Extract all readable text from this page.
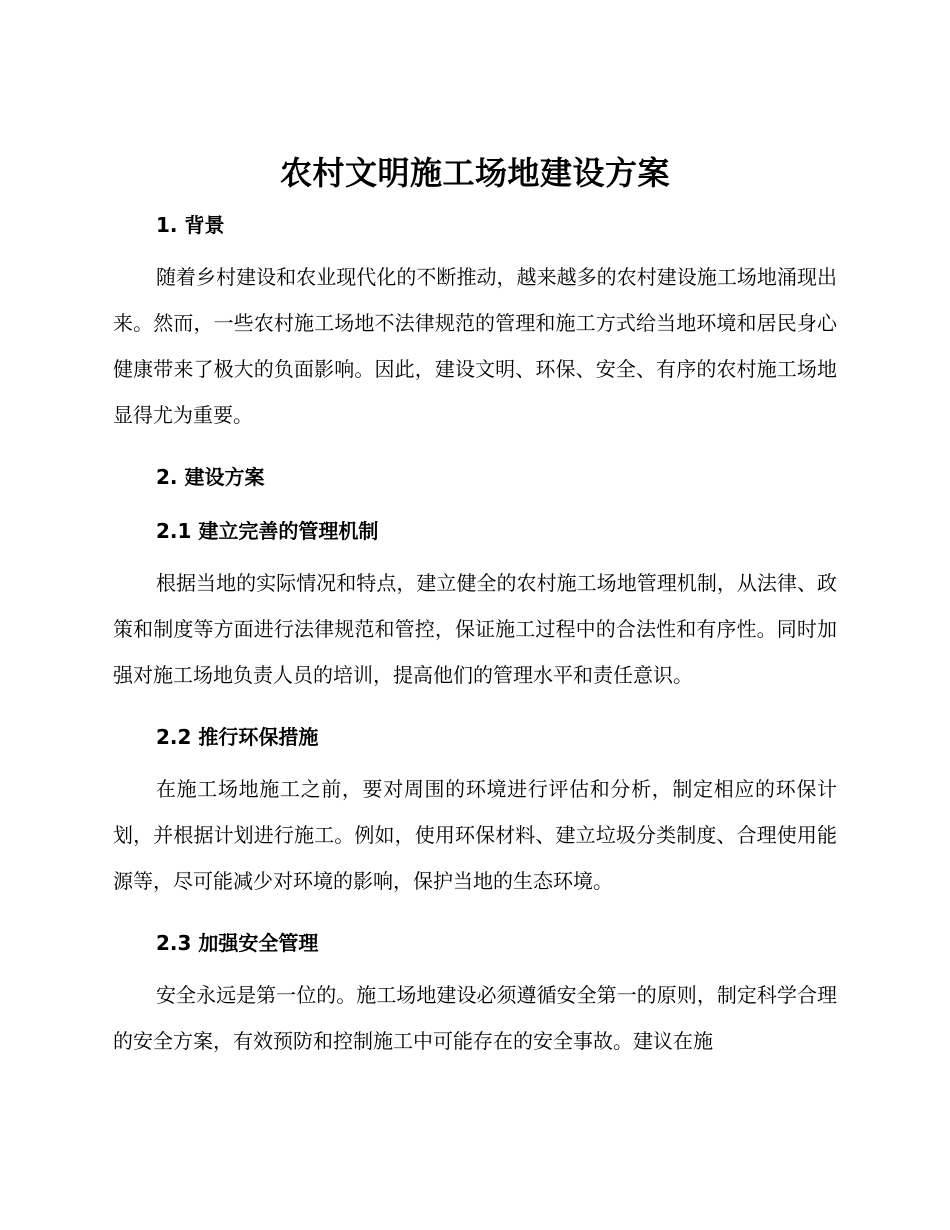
农村文明施工场地建设方案
1. 背景

随着乡村建设和农业现代化的不断推动，越来越多的农村建设施工场地涌现出来。然而，一些农村施工场地不法律规范的管理和施工方式给当地环境和居民身心健康带来了极大的负面影响。因此，建设文明、环保、安全、有序的农村施工场地显得尤为重要。

2. 建设方案
2.1 建立完善的管理机制

根据当地的实际情况和特点，建立健全的农村施工场地管理机制，从法律、政策和制度等方面进行法律规范和管控，保证施工过程中的合法性和有序性。同时加强对施工场地负责人员的培训，提高他们的管理水平和责任意识。

2.2 推行环保措施

在施工场地施工之前，要对周围的环境进行评估和分析，制定相应的环保计划，并根据计划进行施工。例如，使用环保材料、建立垃圾分类制度、合理使用能源等，尽可能减少对环境的影响，保护当地的生态环境。

2.3 加强安全管理

安全永远是第一位的。施工场地建设必须遵循安全第一的原则，制定科学合理的安全方案，有效预防和控制施工中可能存在的安全事故。建议在施
